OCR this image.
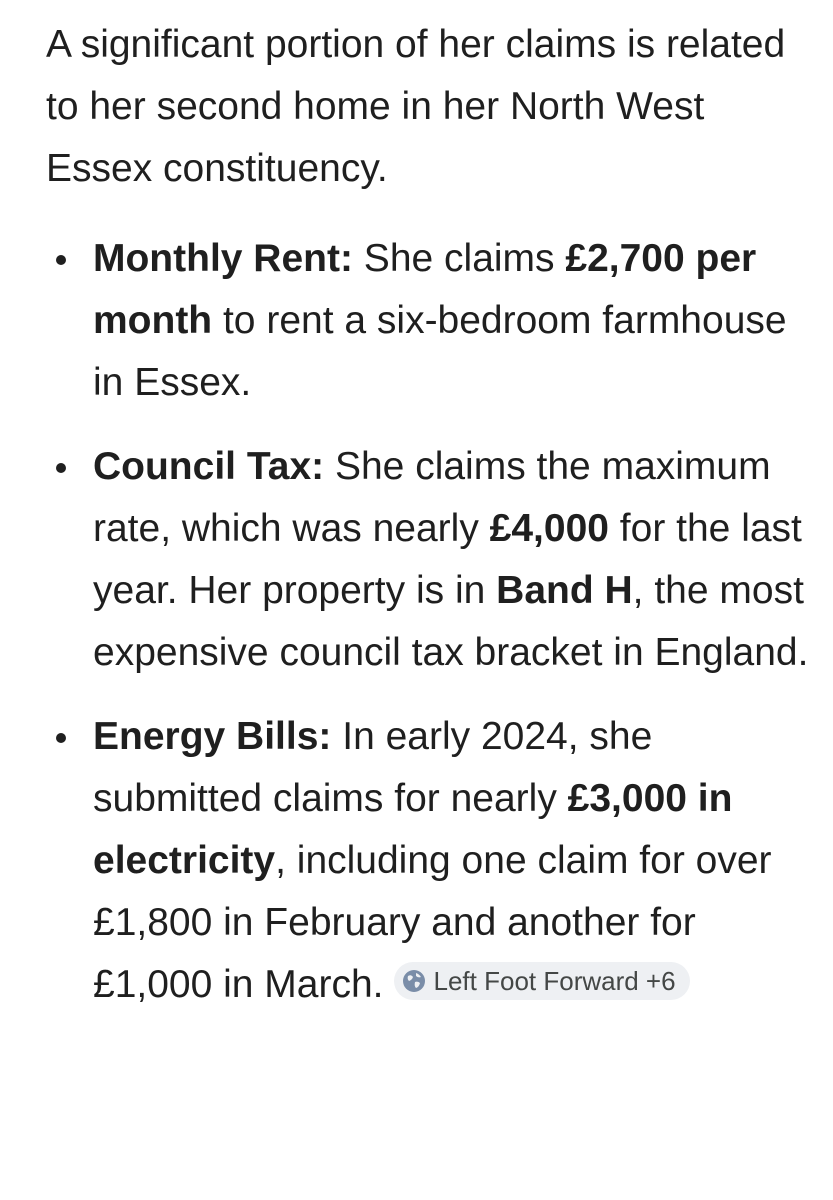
A significant portion of her claims is related to her second home in her North West Essex constituency.

Monthly Rent: She claims £2,700 per month to rent a six-bedroom farmhouse in Essex.
Council Tax: She claims the maximum rate, which was nearly £4,000 for the last year. Her property is in Band H, the most expensive council tax bracket in England.
Energy Bills: In early 2024, she submitted claims for nearly £3,000 in electricity, including one claim for over £1,800 in February and another for £1,000 in March. Left Foot Forward +6
